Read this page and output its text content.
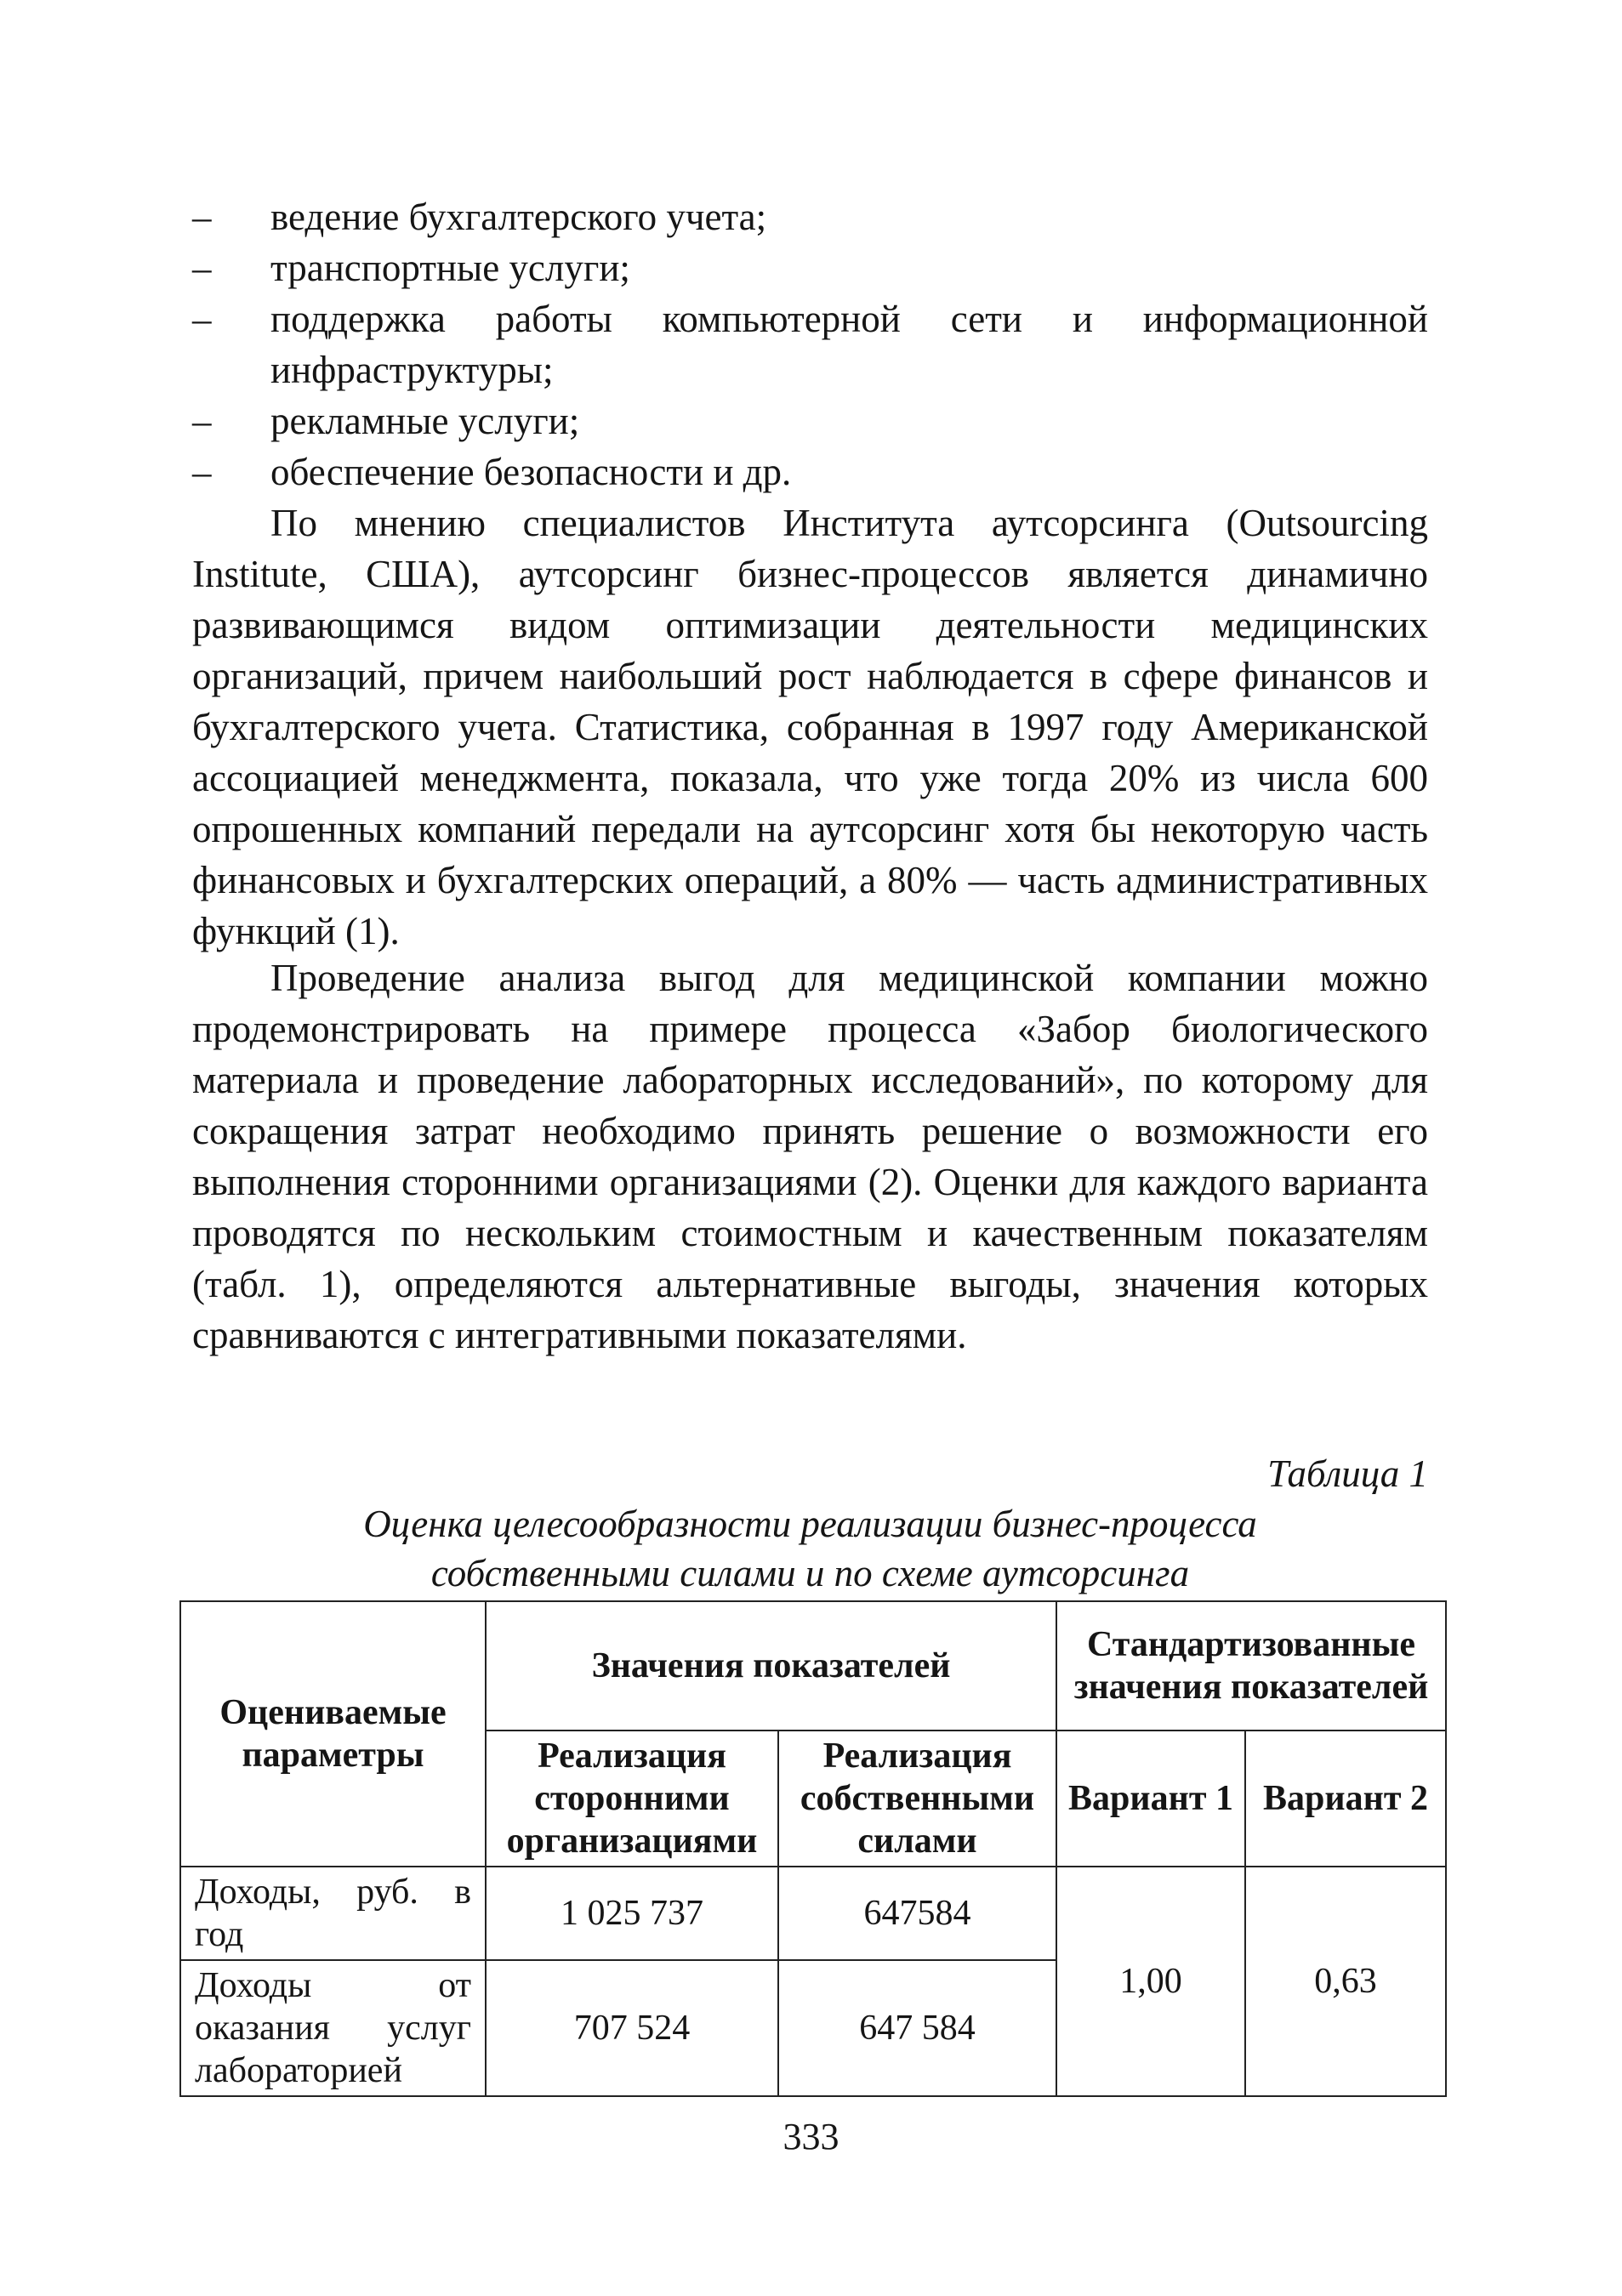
– ведение бухгалтерского учета;
– транспортные услуги;
– поддержка работы компьютерной сети и информационной инфраструктуры;
– рекламные услуги;
– обеспечение безопасности и др.

По мнению специалистов Института аутсорсинга (Outsourcing Institute, США), аутсорсинг бизнес-процессов является динамично развивающимся видом оптимизации деятельности медицинских организаций, причем наибольший рост наблюдается в сфере финансов и бухгалтерского учета. Статистика, собранная в 1997 году Американской ассоциацией менеджмента, показала, что уже тогда 20% из числа 600 опрошенных компаний передали на аутсорсинг хотя бы некоторую часть финансовых и бухгалтерских операций, а 80% — часть административных функций (1).

Проведение анализа выгод для медицинской компании можно продемонстрировать на примере процесса «Забор биологического материала и проведение лабораторных исследований», по которому для сокращения затрат необходимо принять решение о возможности его выполнения сторонними организациями (2). Оценки для каждого варианта проводятся по нескольким стоимостным и качественным показателям (табл. 1), определяются альтернативные выгоды, значения которых сравниваются с интегративными показателями.

Таблица 1

Оценка целесообразности реализации бизнес-процесса
собственными силами и по схеме аутсорсинга
Оцениваемые параметры	Значения показателей		Стандартизованные значения показателей	
	Реализация сторонними организациями	Реализация собственными силами	Вариант 1	Вариант 2
Доходы, руб. в год	1 025 737	647584	1,00	0,63
Доходы от оказания услуг лабораторией	707 524	647 584		

333
